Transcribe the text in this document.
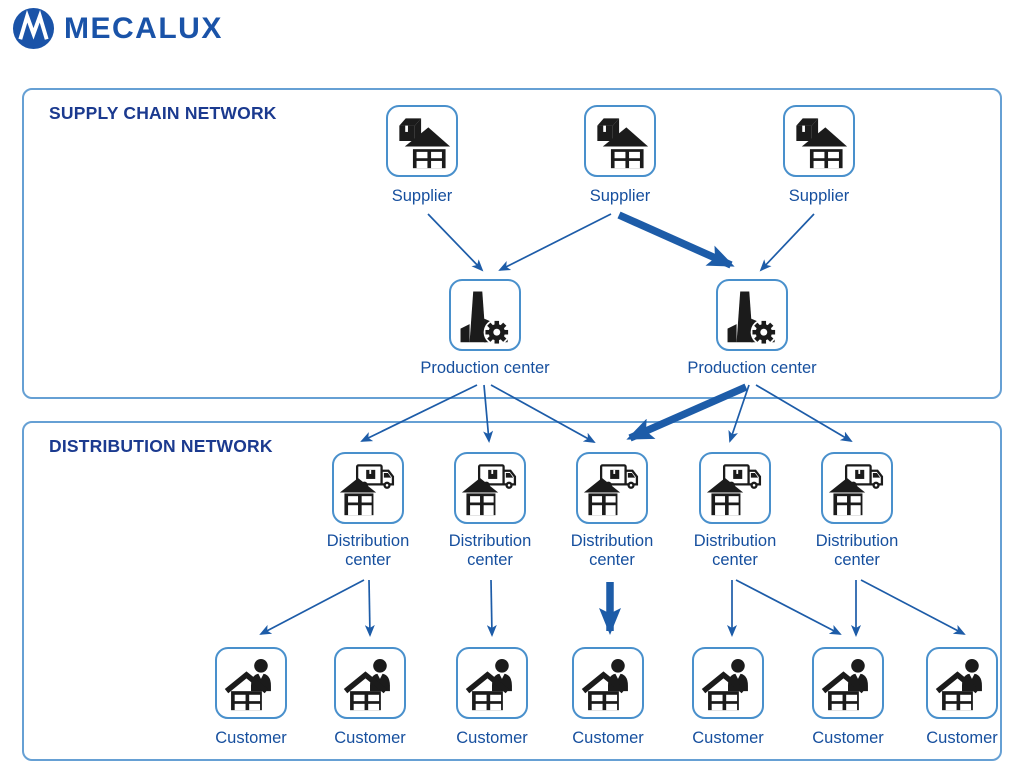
MECALUX
SUPPLY CHAIN NETWORK
DISTRIBUTION NETWORK
Supplier	Supplier	Supplier
Production center	Production center
Distribution center
Distribution center
Distribution center
Distribution center
Distribution center
Customer	Customer	Customer	Customer	Customer	Customer	Customer
